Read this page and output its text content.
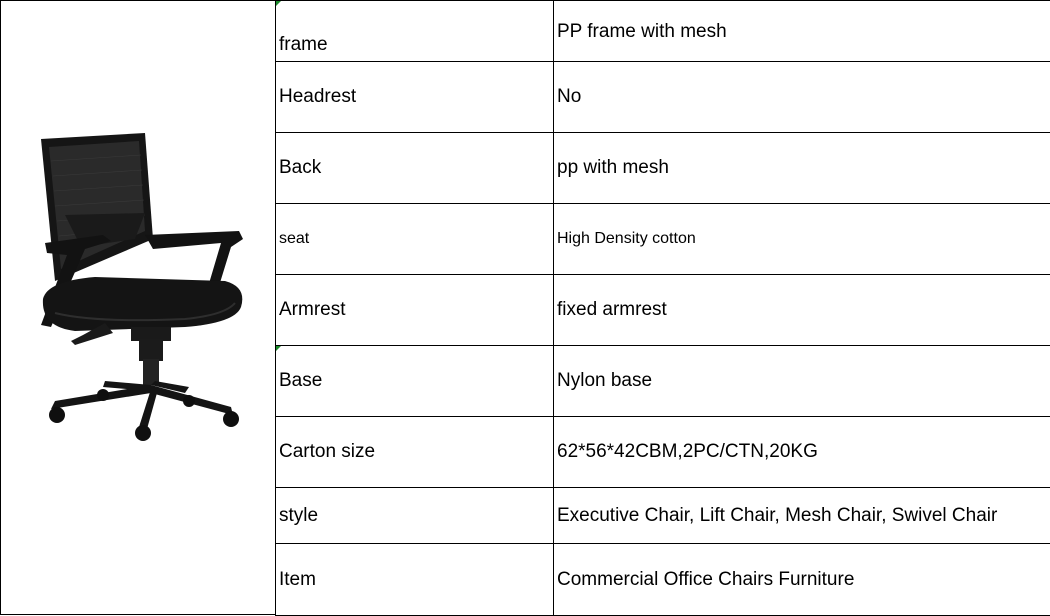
frame	PP frame with mesh
Headrest	No
Back	pp with mesh
seat	High Density cotton
Armrest	fixed armrest

Base	Nylon base
Carton size	62*56*42CBM,2PC/CTN,20KG
style	Executive Chair, Lift Chair, Mesh Chair, Swivel Chair
Item	Commercial Office Chairs Furniture
